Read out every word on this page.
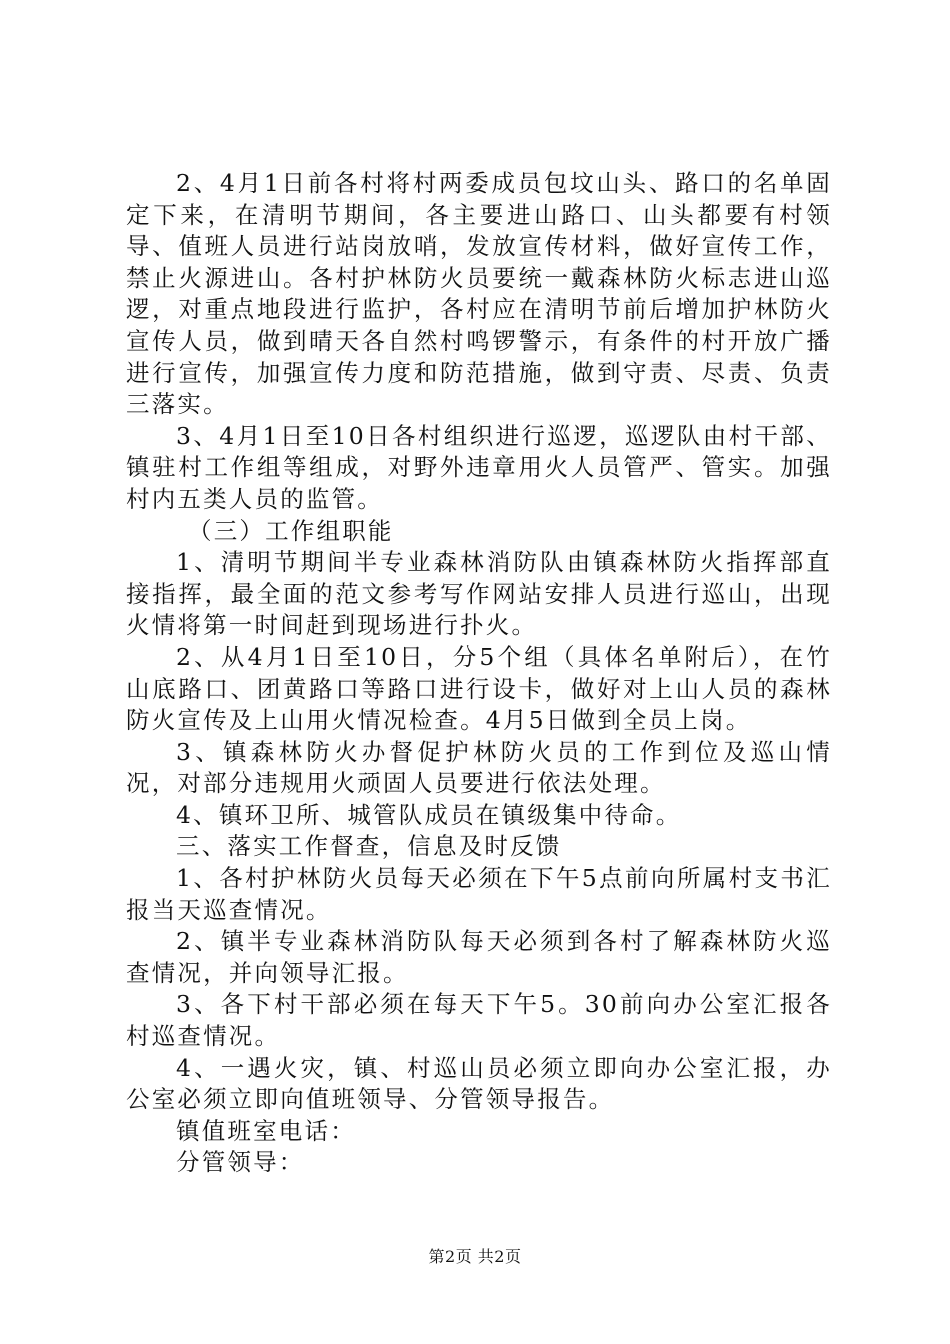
2、4月1日前各村将村两委成员包坟山头、路口的名单固定下来，在清明节期间，各主要进山路口、山头都要有村领导、值班人员进行站岗放哨，发放宣传材料，做好宣传工作，禁止火源进山。各村护林防火员要统一戴森林防火标志进山巡逻，对重点地段进行监护，各村应在清明节前后增加护林防火宣传人员，做到晴天各自然村鸣锣警示，有条件的村开放广播进行宣传，加强宣传力度和防范措施，做到守责、尽责、负责三落实。

3、4月1日至10日各村组织进行巡逻，巡逻队由村干部、镇驻村工作组等组成，对野外违章用火人员管严、管实。加强村内五类人员的监管。

（三）工作组职能

1、清明节期间半专业森林消防队由镇森林防火指挥部直接指挥，最全面的范文参考写作网站安排人员进行巡山，出现火情将第一时间赶到现场进行扑火。

2、从4月1日至10日，分5个组（具体名单附后），在竹山底路口、团黄路口等路口进行设卡，做好对上山人员的森林防火宣传及上山用火情况检查。4月5日做到全员上岗。

3、镇森林防火办督促护林防火员的工作到位及巡山情况，对部分违规用火顽固人员要进行依法处理。

4、镇环卫所、城管队成员在镇级集中待命。

三、落实工作督查，信息及时反馈

1、各村护林防火员每天必须在下午5点前向所属村支书汇报当天巡查情况。

2、镇半专业森林消防队每天必须到各村了解森林防火巡查情况，并向领导汇报。

3、各下村干部必须在每天下午5。30前向办公室汇报各村巡查情况。

4、一遇火灾，镇、村巡山员必须立即向办公室汇报，办公室必须立即向值班领导、分管领导报告。

镇值班室电话：

分管领导：

第2页 共2页
